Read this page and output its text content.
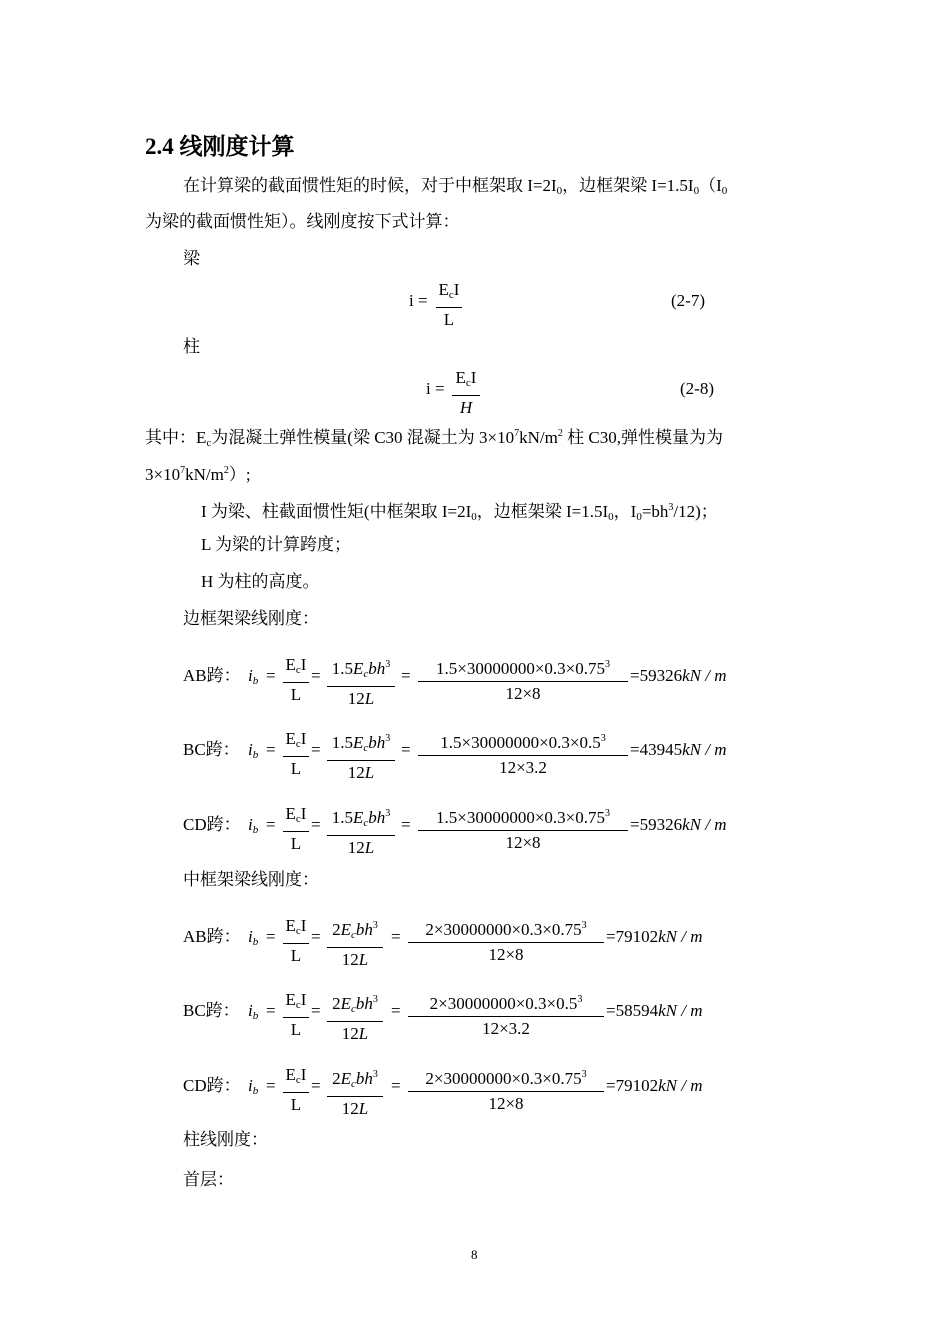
2.4 线刚度计算
在计算梁的截面惯性矩的时候，对于中框架取 $I=2I_0$，边框架梁 $I=1.5I_0(I_0$
为梁的截面惯性矩）。线刚度按下式计算：
梁
i =
$E_cI$
L
(2-7)
柱
i =
$E_cI$
H
(2-8)
其中：$E_c$为混凝土弹性模量(梁 C30 混凝土为 $3\times 10^7kN/m^2$ 柱 C30,弹性模量为为
$3\times 10^7kN/m^2$）;
I 为梁、柱截面惯性矩(中框架取 $I=2I_0$，边框架梁 $I=1.5I_0$，$I_0=bh^3/12$)；
L 为梁的计算跨度；
H 为柱的高度。
边框架梁线刚度：
中框架梁线刚度：
柱线刚度：
首层：
AB跨： $i_b$ =
$E_cI$
L
= $1.5E_cbh^3$
12L
= $\frac{1.5\times 30000000\times 0.3\times 0.75^3}{12\times 8} =59326kN / m$
BC跨： $i_b$ =
$E_cI$
L
= $1.5E_cbh^3$
12L
= $\frac{1.5\times 30000000\times 0.3\times 0.5^3}{12\times 3.2} =43945kN / m$
CD跨： $i_b$ =
$E_cI$
L
= $1.5E_cbh^3$
12L
= $\frac{1.5\times 30000000\times 0.3\times 0.75^3}{12\times 8} =59326kN / m$
AB跨： $i_b$ =
$E_cI$
L
= $2E_cbh^3$
12L
= $\frac{2\times 30000000\times 0.3\times 0.75^3}{12\times 8} =79102kN / m$
BC跨： $i_b$ =
$E_cI$
L
= $2E_cbh^3$
12L
= $\frac{2\times 30000000\times 0.3\times 0.5^3}{12\times 3.2} =58594kN / m$
CD跨： $i_b$ =
$E_cI$
L
= $2E_cbh^3$
12L
= $\frac{2\times 30000000\times 0.3\times 0.75^3}{12\times 8} =79102kN / m$
8
